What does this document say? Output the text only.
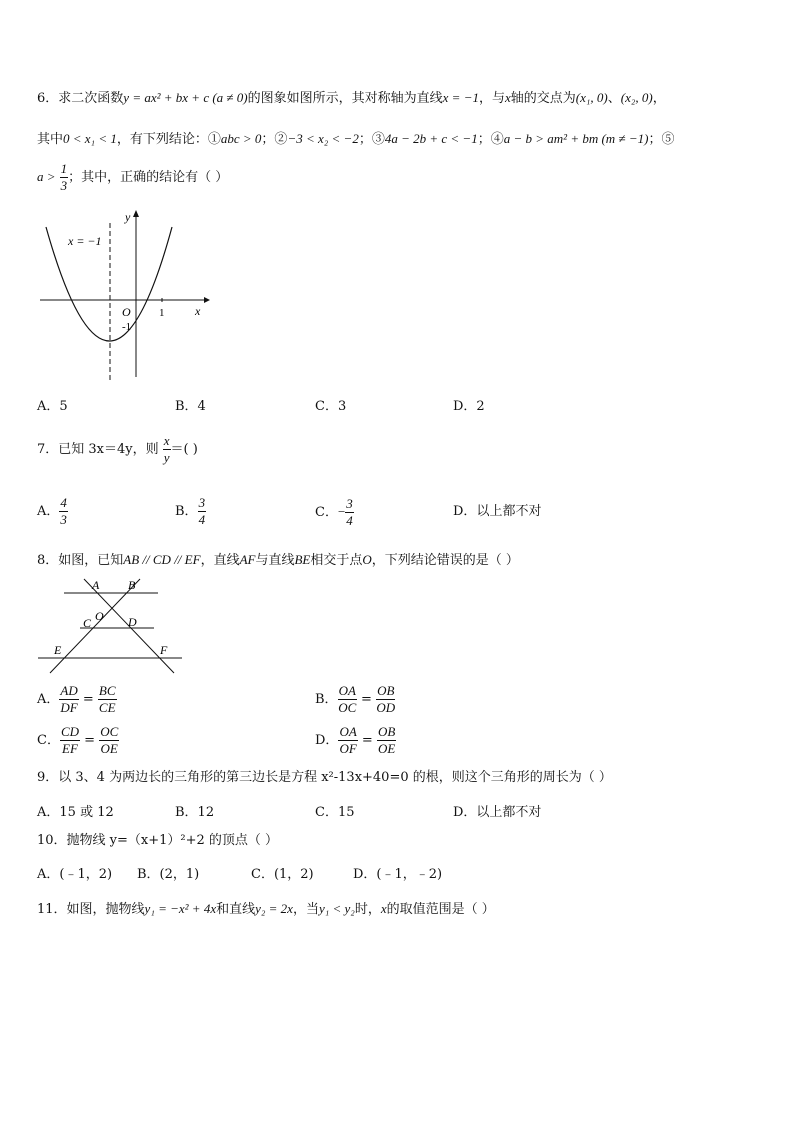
6．求二次函数y = ax² + bx + c (a ≠ 0)的图象如图所示，其对称轴为直线x = −1，与x轴的交点为(x₁, 0)、(x₂, 0)，
其中0 < x₁ < 1，有下列结论：①abc > 0；②−3 < x₂ < −2；③4a − 2b + c < −1；④a − b > am² + bm (m ≠ −1)；⑤
$a > \frac{1}{3}$ ；其中，正确的结论有（ ）
x
y
O	1
-1
x = −1
A．5	B．4	C．3	D．2
7．已知 3x＝4y，则 $\frac{x}{y}$ ＝( )
A． $\frac{4}{3}$	B． $\frac{3}{4}$	C．− $\frac{3}{4}$	D．以上都不对
8．如图，已知AB // CD // EF，直线AF与直线BE相交于点O，下列结论错误的是（ ）
A B
O
C	D
E	F
A． $\frac{AD}{DF} = \frac{BC}{CE}$	B． $\frac{OA}{OC} = \frac{OB}{OD}$
C． $\frac{CD}{EF} = \frac{OC}{OE}$	D． $\frac{OA}{OF} = \frac{OB}{OE}$
9．以 3、4 为两边长的三角形的第三边长是方程 x²-13x+40=0 的根，则这个三角形的周长为（ ）
A．15 或 12	B．12	C．15	D．以上都不对
10．抛物线 y=（x+1）²+2 的顶点（ ）
A．(﹣1，2) B．(2，1)	C．(1，2)	D．(﹣1，﹣2)
11．如图，抛物线y₁ = −x² + 4x和直线y₂ = 2x，当y₁ < y₂时，x的取值范围是（ ）
